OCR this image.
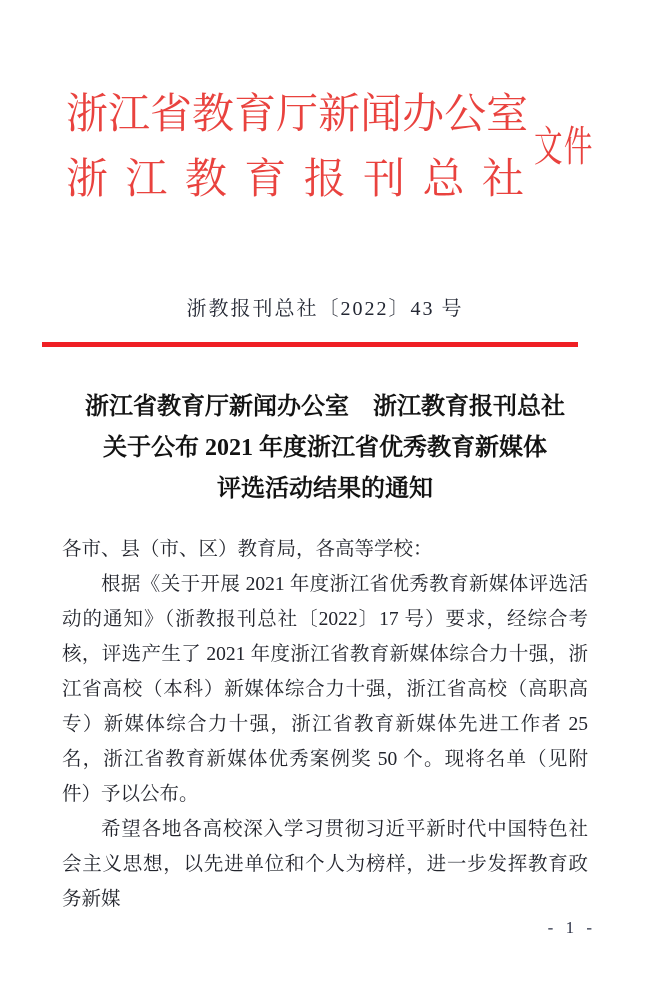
浙 江 省 教 育 厅 新 闻 办 公 室
浙 江 教 育 报 刊 总 社
文件
浙教报刊总社〔2022〕43 号
浙江省教育厅新闻办公室　浙江教育报刊总社
关于公布 2021 年度浙江省优秀教育新媒体
评选活动结果的通知

各市、县（市、区）教育局，各高等学校：

根据《关于开展 2021 年度浙江省优秀教育新媒体评选活动的通知》（浙教报刊总社〔2022〕17 号）要求，经综合考核，评选产生了 2021 年度浙江省教育新媒体综合力十强，浙江省高校（本科）新媒体综合力十强，浙江省高校（高职高专）新媒体综合力十强，浙江省教育新媒体先进工作者 25 名，浙江省教育新媒体优秀案例奖 50 个。现将名单（见附件）予以公布。

希望各地各高校深入学习贯彻习近平新时代中国特色社会主义思想，以先进单位和个人为榜样，进一步发挥教育政务新媒

- 1 -
